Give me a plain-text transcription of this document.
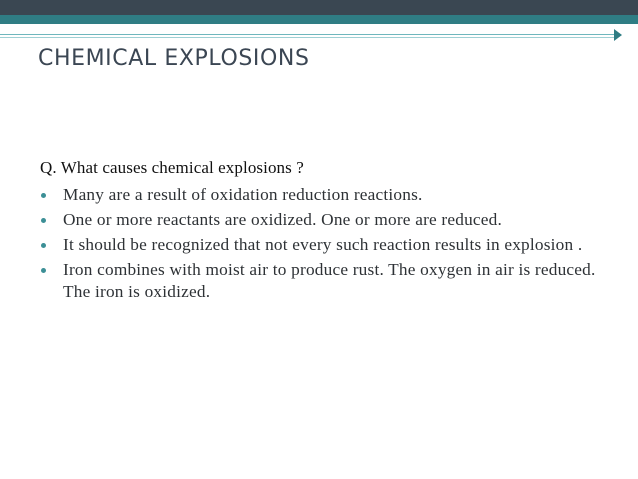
CHEMICAL EXPLOSIONS

Q. What causes chemical explosions ?

Many are a result of oxidation reduction reactions.
One or more reactants are oxidized. One or more are reduced.
It should be recognized that not every such reaction results in explosion .
Iron combines with moist air to produce rust. The oxygen in air is reduced. The iron is oxidized.
